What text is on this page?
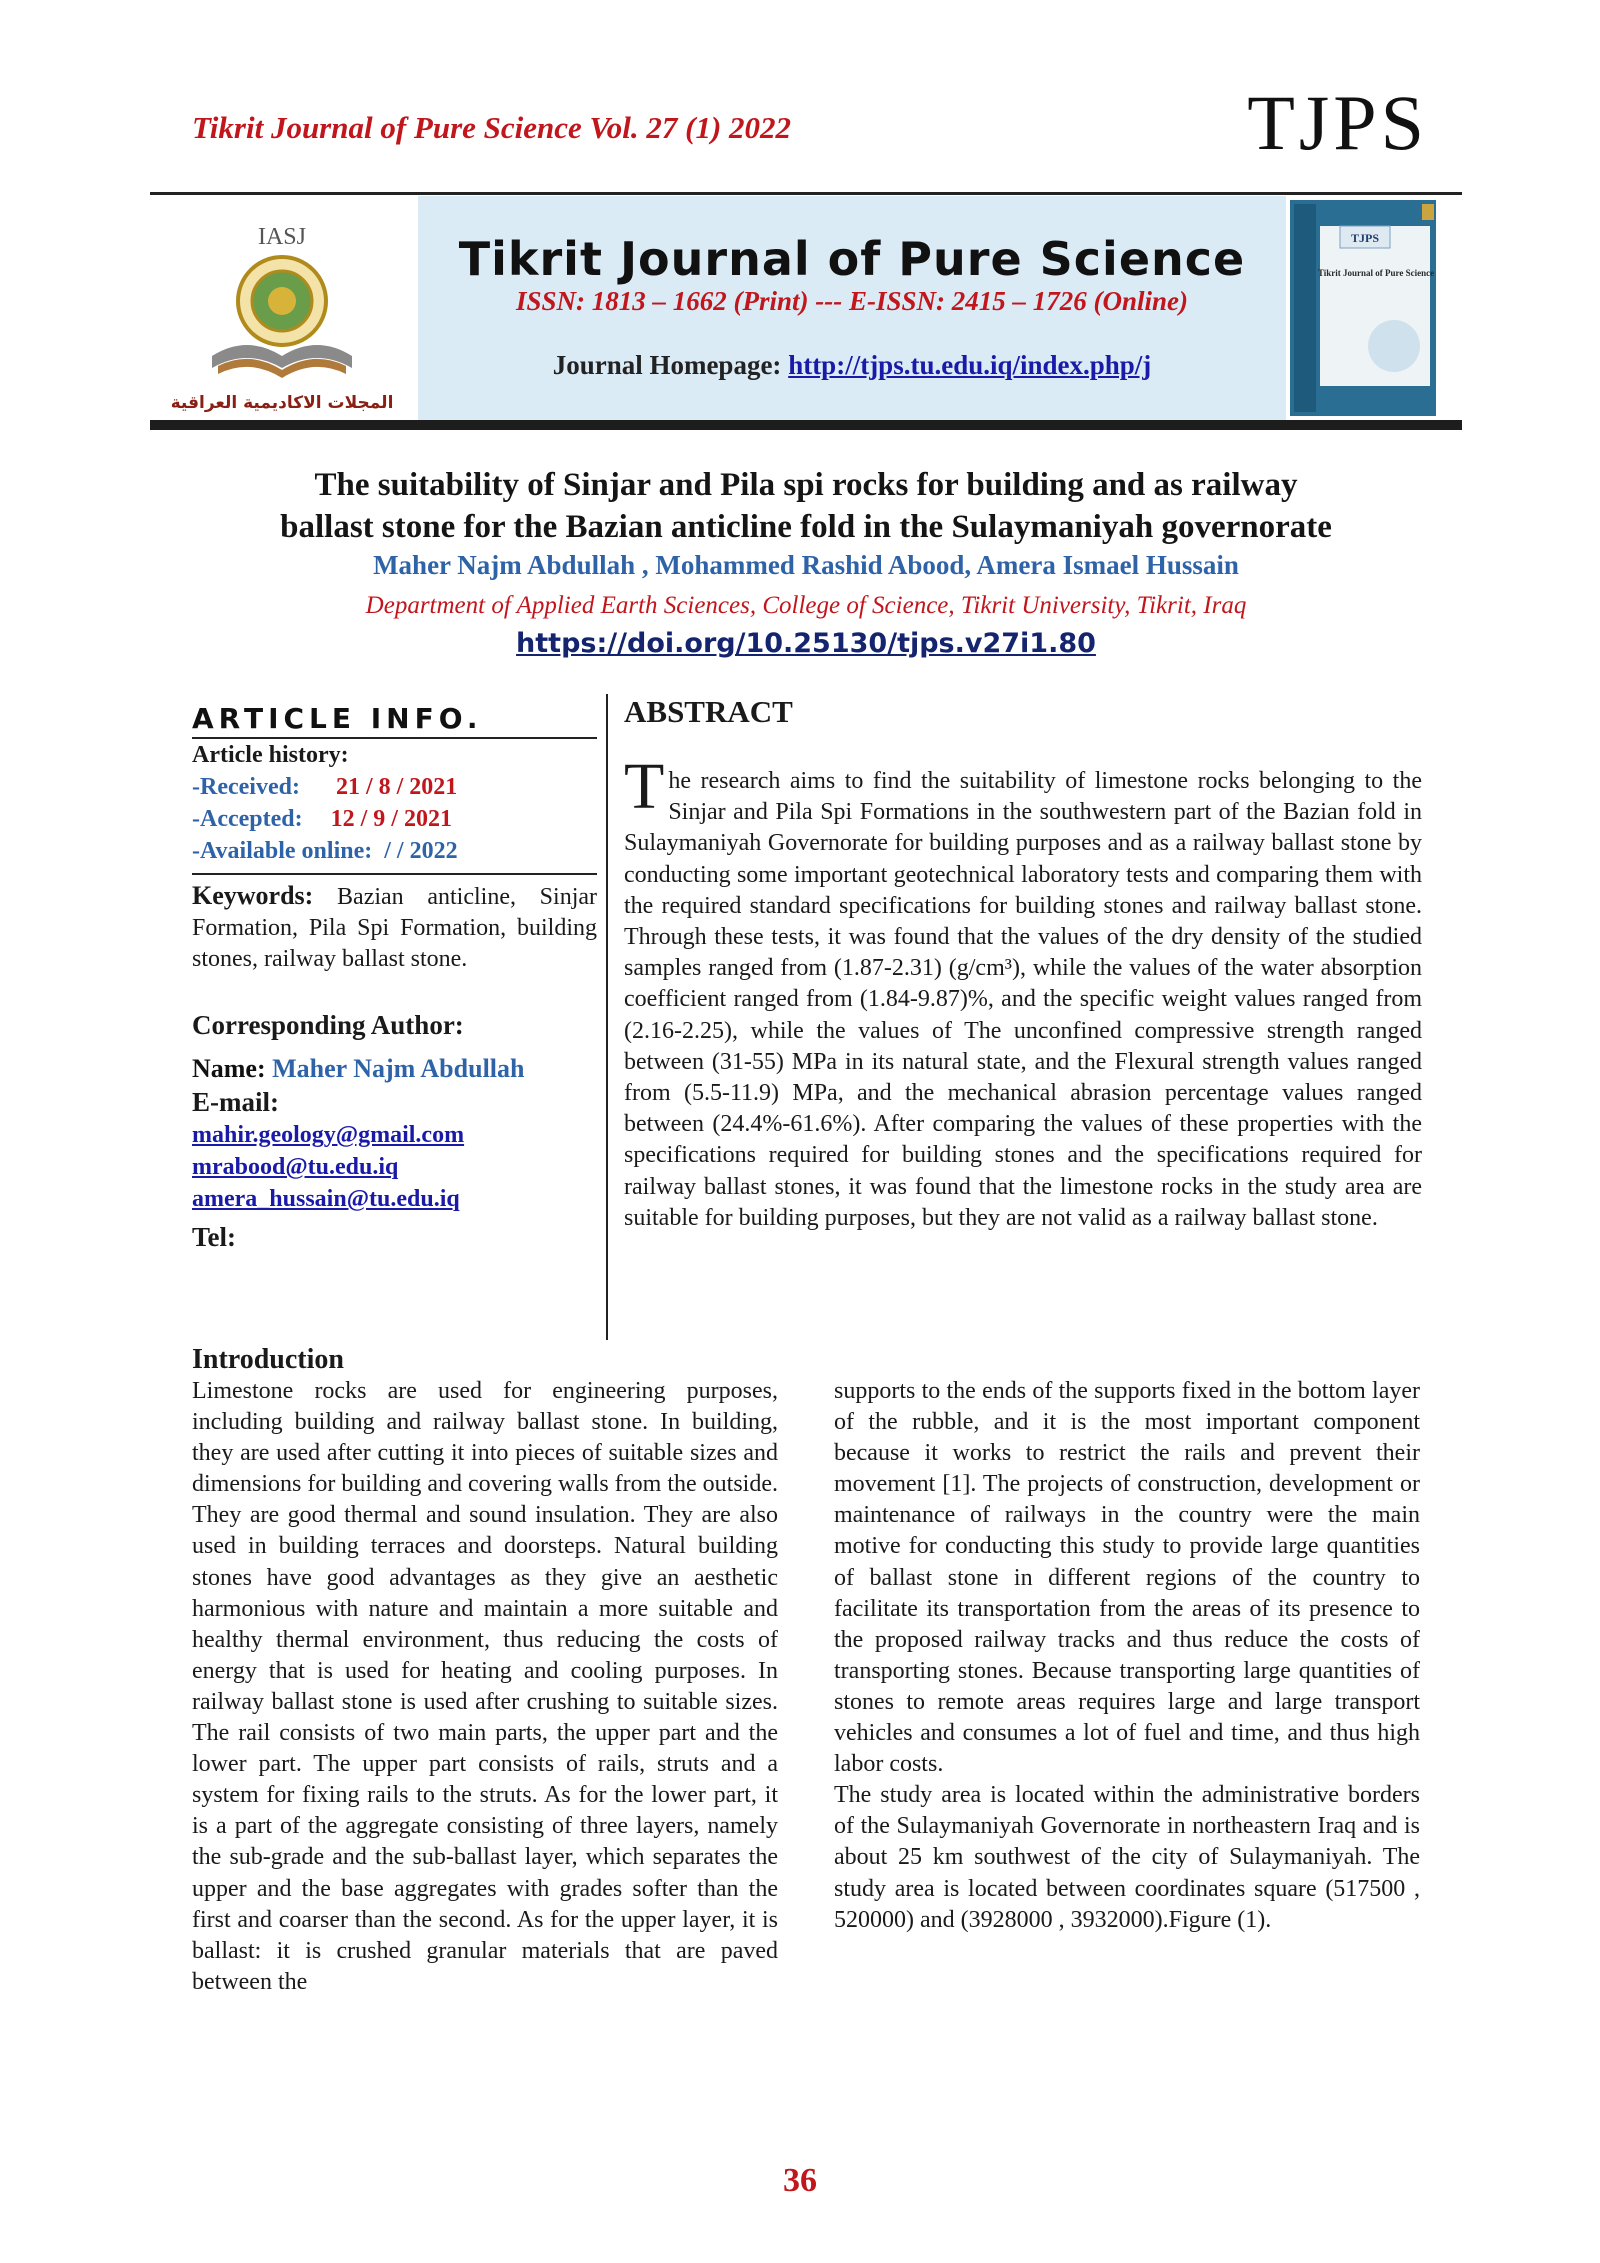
Tikrit Journal of Pure Science Vol. 27 (1) 2022	TJPS
IASJ
المجلات الاكاديمية العراقية
Tikrit Journal of Pure Science
ISSN: 1813 – 1662 (Print) --- E-ISSN: 2415 – 1726 (Online)
Journal Homepage: http://tjps.tu.edu.iq/index.php/j
TJPS
Tikrit Journal of Pure Science
The suitability of Sinjar and Pila spi rocks for building and as railway
ballast stone for the Bazian anticline fold in the Sulaymaniyah governorate
Maher Najm Abdullah , Mohammed Rashid Abood, Amera Ismael Hussain
Department of Applied Earth Sciences, College of Science, Tikrit University, Tikrit, Iraq
https://doi.org/10.25130/tjps.v27i1.80
ARTICLE INFO.
Article history:
-Received: 21 / 8 / 2021
-Accepted: 12 / 9 / 2021
-Available online: / / 2022
Keywords: Bazian anticline, Sinjar Formation, Pila Spi Formation, building stones, railway ballast stone.
Corresponding Author:
Name: Maher Najm Abdullah
E-mail:
mahir.geology@gmail.com
mrabood@tu.edu.iq
amera_hussain@tu.edu.iq
Tel:
ABSTRACT
The research aims to find the suitability of limestone rocks belonging to the Sinjar and Pila Spi Formations in the southwestern part of the Bazian fold in Sulaymaniyah Governorate for building purposes and as a railway ballast stone by conducting some important geotechnical laboratory tests and comparing them with the required standard specifications for building stones and railway ballast stone. Through these tests, it was found that the values of the dry density of the studied samples ranged from (1.87-2.31) (g/cm³), while the values of the water absorption coefficient ranged from (1.84-9.87)%, and the specific weight values ranged from (2.16-2.25), while the values of The unconfined compressive strength ranged between (31-55) MPa in its natural state, and the Flexural strength values ranged from (5.5-11.9) MPa, and the mechanical abrasion percentage values ranged between (24.4%-61.6%). After comparing the values of these properties with the specifications required for building stones and the specifications required for railway ballast stones, it was found that the limestone rocks in the study area are suitable for building purposes, but they are not valid as a railway ballast stone.
Introduction

Limestone rocks are used for engineering purposes, including building and railway ballast stone. In building, they are used after cutting it into pieces of suitable sizes and dimensions for building and covering walls from the outside. They are good thermal and sound insulation. They are also used in building terraces and doorsteps. Natural building stones have good advantages as they give an aesthetic harmonious with nature and maintain a more suitable and healthy thermal environment, thus reducing the costs of energy that is used for heating and cooling purposes. In railway ballast stone is used after crushing to suitable sizes. The rail consists of two main parts, the upper part and the lower part. The upper part consists of rails, struts and a system for fixing rails to the struts. As for the lower part, it is a part of the aggregate consisting of three layers, namely the sub-grade and the sub-ballast layer, which separates the upper and the base aggregates with grades softer than the first and coarser than the second. As for the upper layer, it is ballast: it is crushed granular materials that are paved between the

supports to the ends of the supports fixed in the bottom layer of the rubble, and it is the most important component because it works to restrict the rails and prevent their movement [1]. The projects of construction, development or maintenance of railways in the country were the main motive for conducting this study to provide large quantities of ballast stone in different regions of the country to facilitate its transportation from the areas of its presence to the proposed railway tracks and thus reduce the costs of transporting stones. Because transporting large quantities of stones to remote areas requires large and large transport vehicles and consumes a lot of fuel and time, and thus high labor costs.

The study area is located within the administrative borders of the Sulaymaniyah Governorate in northeastern Iraq and is about 25 km southwest of the city of Sulaymaniyah. The study area is located between coordinates square (517500 , 520000) and (3928000 , 3932000).Figure (1).

36
